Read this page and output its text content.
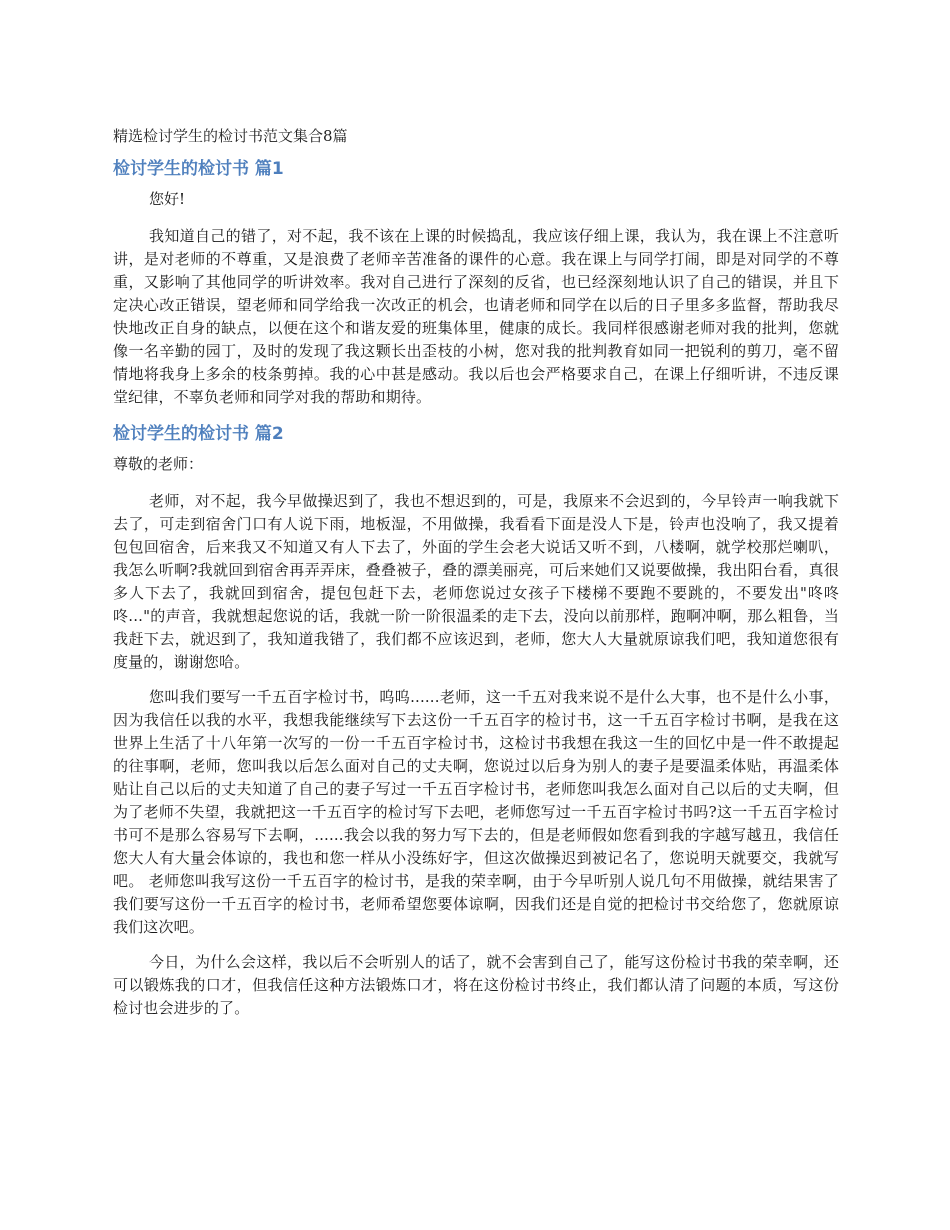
精选检讨学生的检讨书范文集合8篇
检讨学生的检讨书 篇1
您好!

我知道自己的错了，对不起，我不该在上课的时候捣乱，我应该仔细上课，我认为，我在课上不注意听讲，是对老师的不尊重，又是浪费了老师辛苦准备的课件的心意。我在课上与同学打闹，即是对同学的不尊重，又影响了其他同学的听讲效率。我对自己进行了深刻的反省，也已经深刻地认识了自己的错误，并且下定决心改正错误，望老师和同学给我一次改正的机会，也请老师和同学在以后的日子里多多监督，帮助我尽快地改正自身的缺点，以便在这个和谐友爱的班集体里，健康的成长。我同样很感谢老师对我的批判，您就像一名辛勤的园丁，及时的发现了我这颗长出歪枝的小树，您对我的批判教育如同一把锐利的剪刀，毫不留情地将我身上多余的枝条剪掉。我的心中甚是感动。我以后也会严格要求自己，在课上仔细听讲，不违反课堂纪律，不辜负老师和同学对我的帮助和期待。

检讨学生的检讨书 篇2
尊敬的老师：

老师，对不起，我今早做操迟到了，我也不想迟到的，可是，我原来不会迟到的，今早铃声一响我就下去了，可走到宿舍门口有人说下雨，地板湿，不用做操，我看看下面是没人下是，铃声也没响了，我又提着包包回宿舍，后来我又不知道又有人下去了，外面的学生会老大说话又听不到，八楼啊，就学校那烂喇叭，我怎么听啊?我就回到宿舍再弄弄床，叠叠被子，叠的漂美丽亮，可后来她们又说要做操，我出阳台看，真很多人下去了，我就回到宿舍，提包包赶下去，老师您说过女孩子下楼梯不要跑不要跳的，不要发出"咚咚咚..."的声音，我就想起您说的话，我就一阶一阶很温柔的走下去，没向以前那样，跑啊冲啊，那么粗鲁，当我赶下去，就迟到了，我知道我错了，我们都不应该迟到，老师，您大人大量就原谅我们吧，我知道您很有度量的，谢谢您哈。

您叫我们要写一千五百字检讨书，呜呜......老师，这一千五对我来说不是什么大事，也不是什么小事，因为我信任以我的水平，我想我能继续写下去这份一千五百字的检讨书，这一千五百字检讨书啊，是我在这世界上生活了十八年第一次写的一份一千五百字检讨书，这检讨书我想在我这一生的回忆中是一件不敢提起的往事啊，老师，您叫我以后怎么面对自己的丈夫啊，您说过以后身为别人的妻子是要温柔体贴，再温柔体贴让自己以后的丈夫知道了自己的妻子写过一千五百字检讨书，老师您叫我怎么面对自己以后的丈夫啊，但为了老师不失望，我就把这一千五百字的检讨写下去吧，老师您写过一千五百字检讨书吗?这一千五百字检讨书可不是那么容易写下去啊，......我会以我的努力写下去的，但是老师假如您看到我的字越写越丑，我信任您大人有大量会体谅的，我也和您一样从小没练好字，但这次做操迟到被记名了，您说明天就要交，我就写吧。 老师您叫我写这份一千五百字的检讨书，是我的荣幸啊，由于今早听别人说几句不用做操，就结果害了我们要写这份一千五百字的检讨书，老师希望您要体谅啊，因我们还是自觉的把检讨书交给您了，您就原谅我们这次吧。

今日，为什么会这样，我以后不会听别人的话了，就不会害到自己了，能写这份检讨书我的荣幸啊，还可以锻炼我的口才，但我信任这种方法锻炼口才，将在这份检讨书终止，我们都认清了问题的本质，写这份检讨也会进步的了。
